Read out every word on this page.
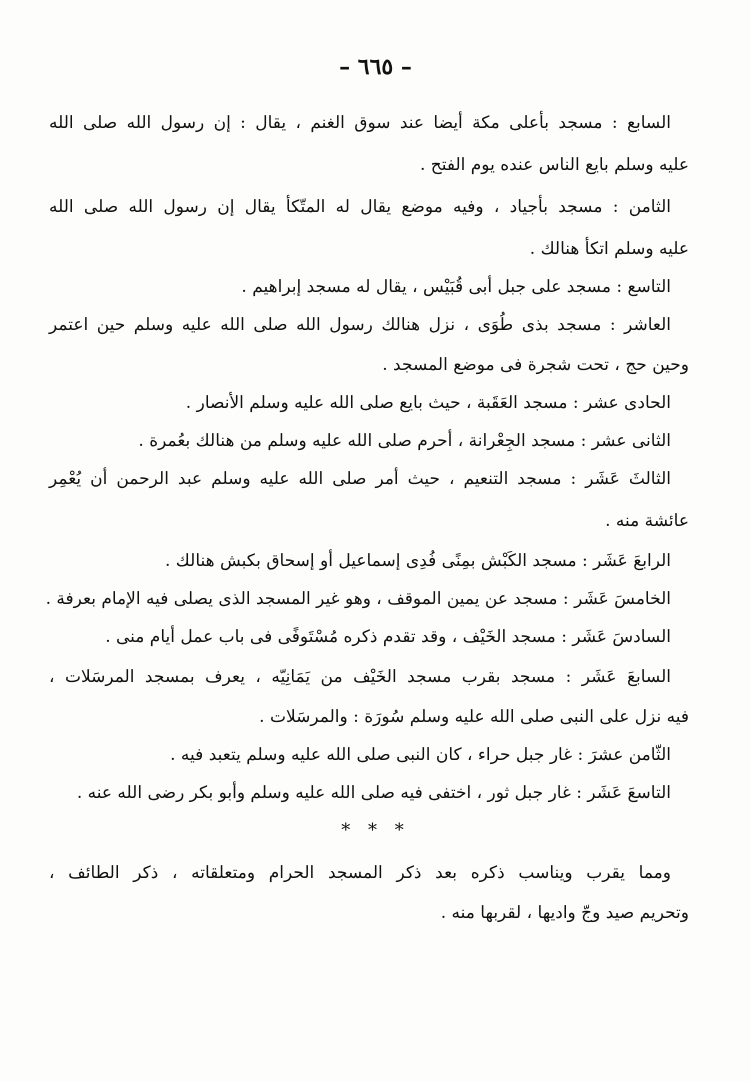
– ٦٦٥ –
السابع : مسجد بأعلى مكة أيضا عند سوق الغنم ، يقال : إن رسول الله صلى الله
عليه وسلم بايع الناس عنده يوم الفتح .
الثامن : مسجد بأجياد ، وفيه موضع يقال له المتّكأ يقال إن رسول الله صلى الله
عليه وسلم اتكأ هنالك .
التاسع : مسجد على جبل أبى قُبَيْس ، يقال له مسجد إبراهيم .
العاشر : مسجد بذى طُوَى ، نزل هنالك رسول الله صلى الله عليه وسلم حين اعتمر
وحين حج ، تحت شجرة فى موضع المسجد .
الحادى عشر : مسجد العَقَبة ، حيث بايع صلى الله عليه وسلم الأنصار .
الثانى عشر : مسجد الجِعْرانة ، أحرم صلى الله عليه وسلم من هنالك بعُمرة .
الثالثَ عَشَر : مسجد التنعيم ، حيث أمر صلى الله عليه وسلم عبد الرحمن أن يُعْمِر
عائشة منه .
الرابعَ عَشَر : مسجد الكَبْش بمِنًى فُدِى إسماعيل أو إسحاق بكبش هنالك .
الخامسَ عَشَر : مسجد عن يمين الموقف ، وهو غير المسجد الذى يصلى فيه الإمام بعرفة .
السادسَ عَشَر : مسجد الخَيْف ، وقد تقدم ذكره مُسْتَوفًى فى باب عمل أيام منى .
السابعَ عَشَر : مسجد بقرب مسجد الخَيْف من يَمَانِيّه ، يعرف بمسجد المرسَلات ،
فيه نزل على النبى صلى الله عليه وسلم سُورَة : والمرسَلات .
الثّامن عشرَ : غار جبل حراء ، كان النبى صلى الله عليه وسلم يتعبد فيه .
التاسعَ عَشَر : غار جبل ثور ، اختفى فيه صلى الله عليه وسلم وأبو بكر رضى الله عنه .
ومما يقرب ويناسب ذكره بعد ذكر المسجد الحرام ومتعلقاته ، ذكر الطائف ،
وتحريم صيد وجّ واديها ، لقربها منه .
* * *
